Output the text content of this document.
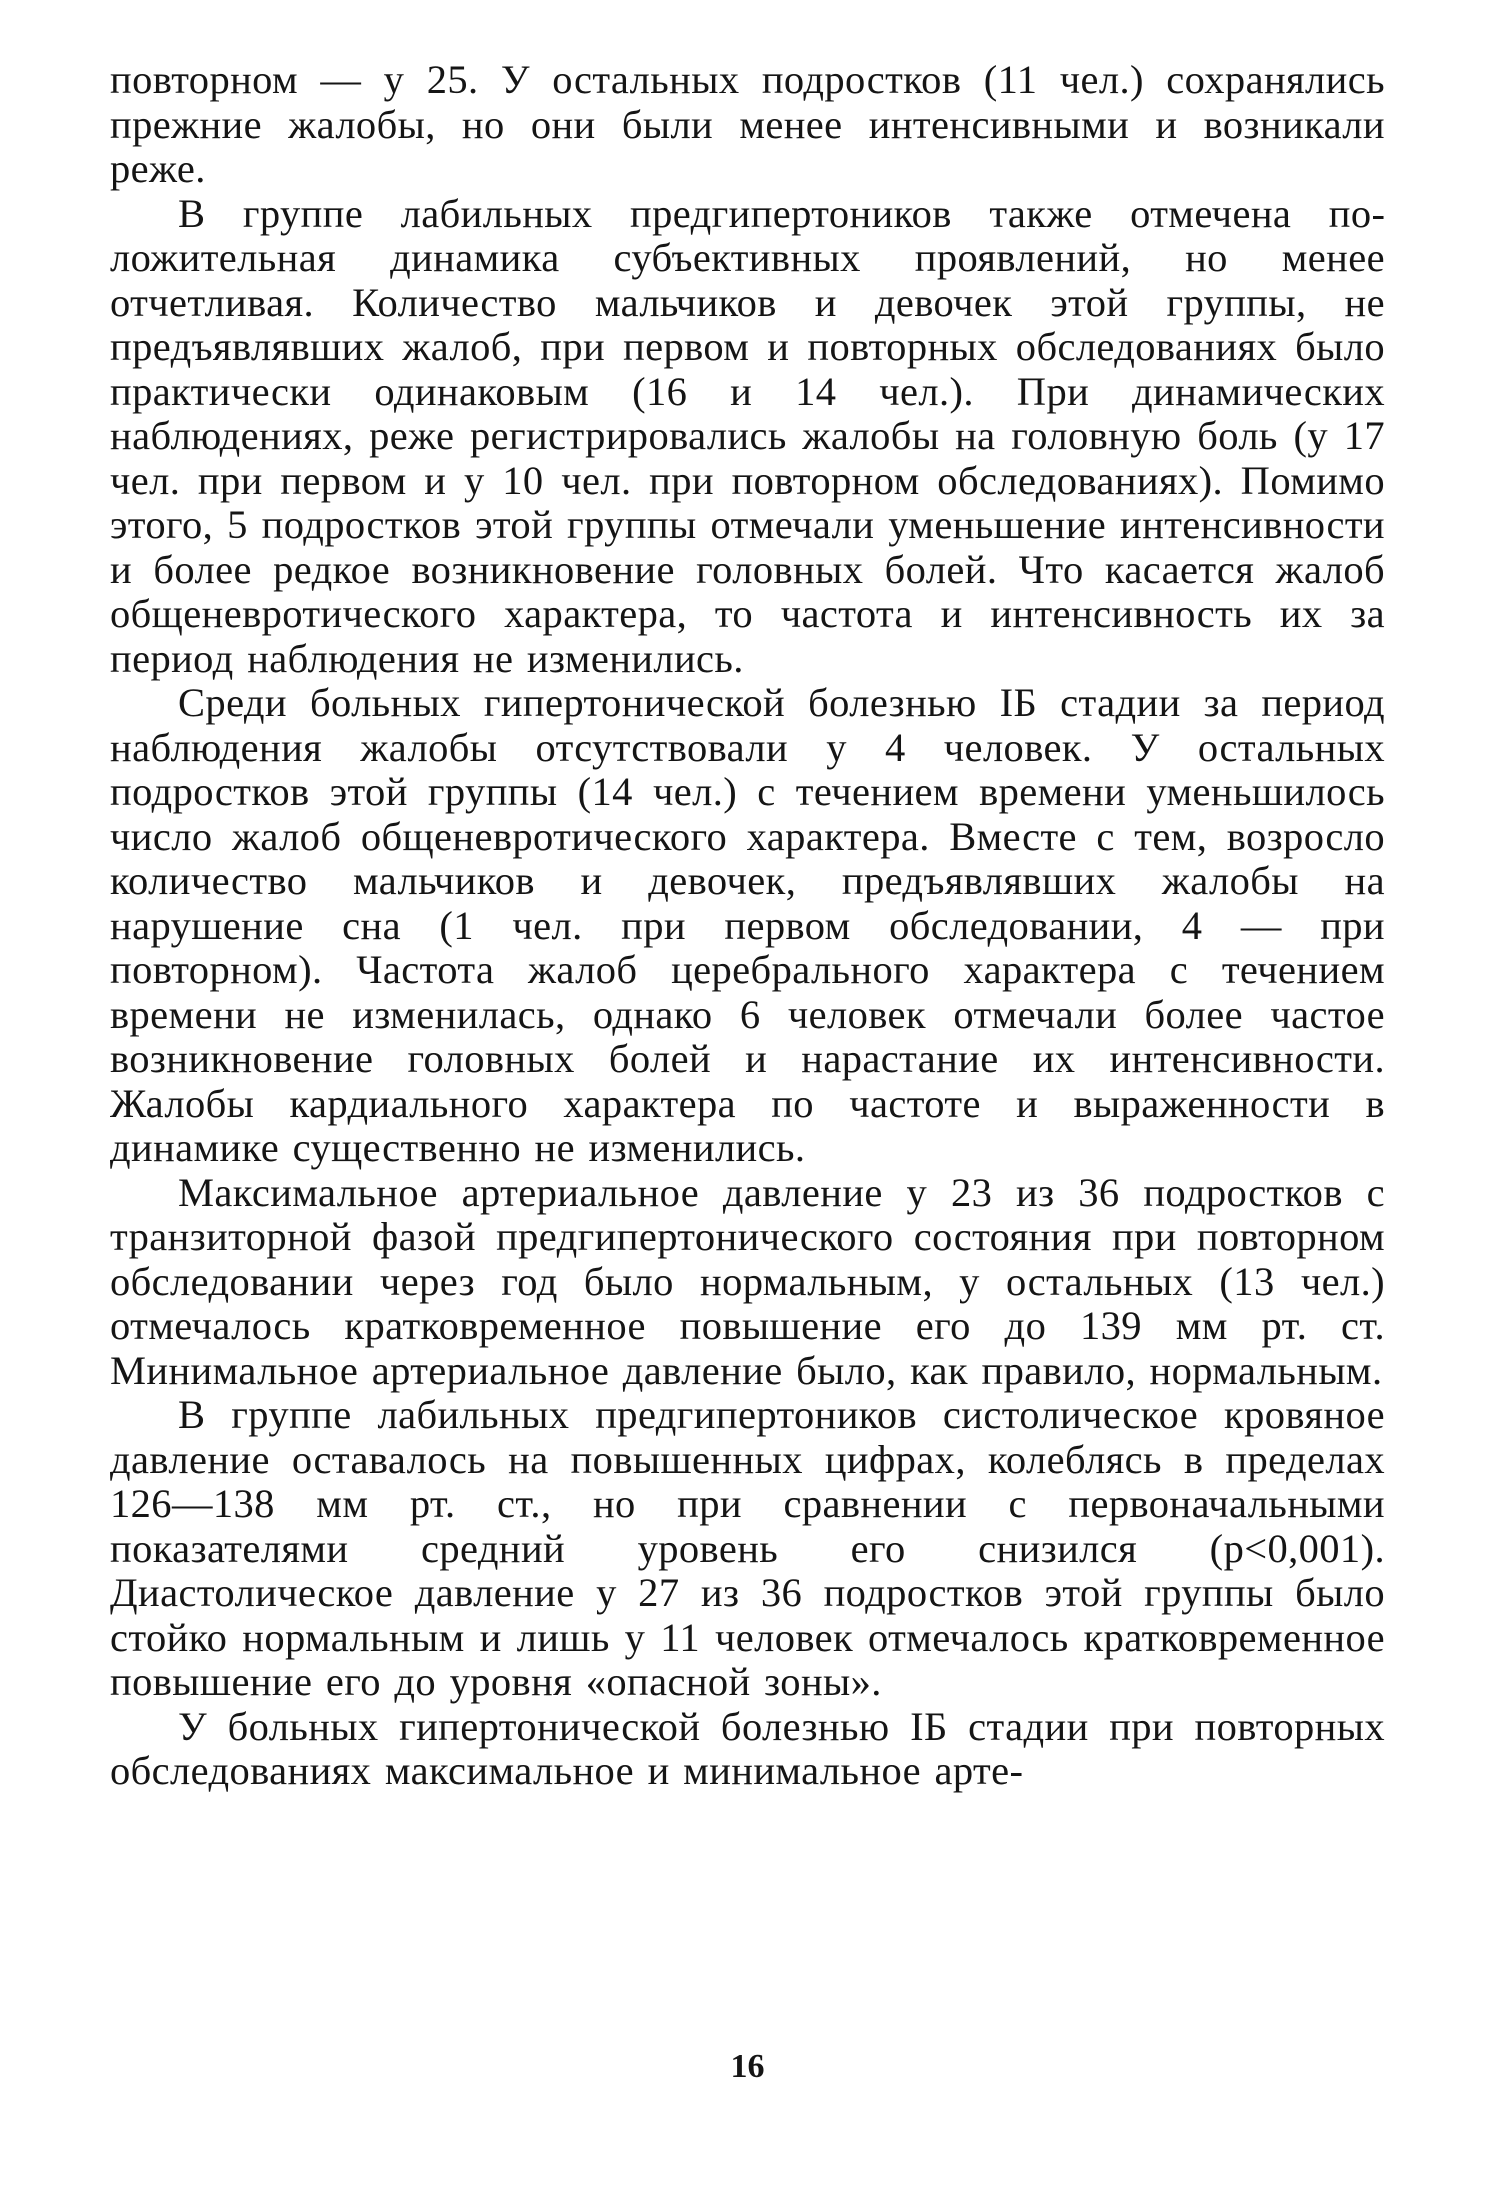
повторном — у 25. У остальных подростков (11 чел.) сохранялись прежние жалобы, но они были менее интенсивными и возникали реже.

В группе лабильных предгипертоников также отмечена положительная динамика субъективных проявлений, но менее отчетливая. Количество мальчиков и девочек этой группы, не предъявлявших жалоб, при первом и повторных обследованиях было практически одинаковым (16 и 14 чел.). При динамических наблюдениях, реже регистрировались жалобы на головную боль (у 17 чел. при первом и у 10 чел. при повторном обследованиях). Помимо этого, 5 подростков этой группы отмечали уменьшение интенсивности и более редкое возникновение головных болей. Что касается жалоб общеневротического характера, то частота и интенсивность их за период наблюдения не изменились.

Среди больных гипертонической болезнью IБ стадии за период наблюдения жалобы отсутствовали у 4 человек. У остальных подростков этой группы (14 чел.) с течением времени уменьшилось число жалоб общеневротического характера. Вместе с тем, возросло количество мальчиков и девочек, предъявлявших жалобы на нарушение сна (1 чел. при первом обследовании, 4 — при повторном). Частота жалоб церебрального характера с течением времени не изменилась, однако 6 человек отмечали более частое возникновение головных болей и нарастание их интенсивности. Жалобы кардиального характера по частоте и выраженности в динамике существенно не изменились.

Максимальное артериальное давление у 23 из 36 подростков с транзиторной фазой предгипертонического состояния при повторном обследовании через год было нормальным, у остальных (13 чел.) отмечалось кратковременное повышение его до 139 мм рт. ст. Минимальное артериальное давление было, как правило, нормальным.

В группе лабильных предгипертоников систолическое кровяное давление оставалось на повышенных цифрах, колеблясь в пределах 126—138 мм рт. ст., но при сравнении с первоначальными показателями средний уровень его снизился (р<0,001). Диастолическое давление у 27 из 36 подростков этой группы было стойко нормальным и лишь у 11 человек отмечалось кратковременное повышение его до уровня «опасной зоны».

У больных гипертонической болезнью IБ стадии при повторных обследованиях максимальное и минимальное арте-

16
